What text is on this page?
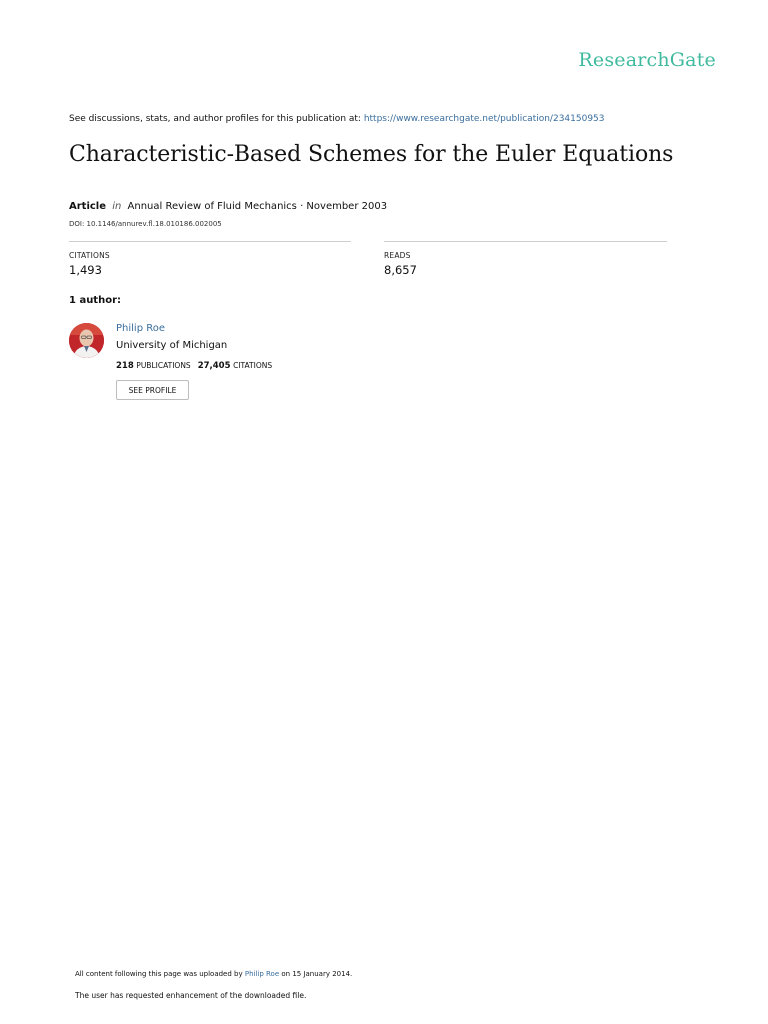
ResearchGate
See discussions, stats, and author profiles for this publication at: https://www.researchgate.net/publication/234150953
Characteristic-Based Schemes for the Euler Equations
Article in Annual Review of Fluid Mechanics · November 2003
DOI: 10.1146/annurev.fl.18.010186.002005
CITATIONS
1,493
READS
8,657
1 author:
Philip Roe
University of Michigan
218 PUBLICATIONS 27,405 CITATIONS
SEE PROFILE
All content following this page was uploaded by Philip Roe on 15 January 2014.
The user has requested enhancement of the downloaded file.
